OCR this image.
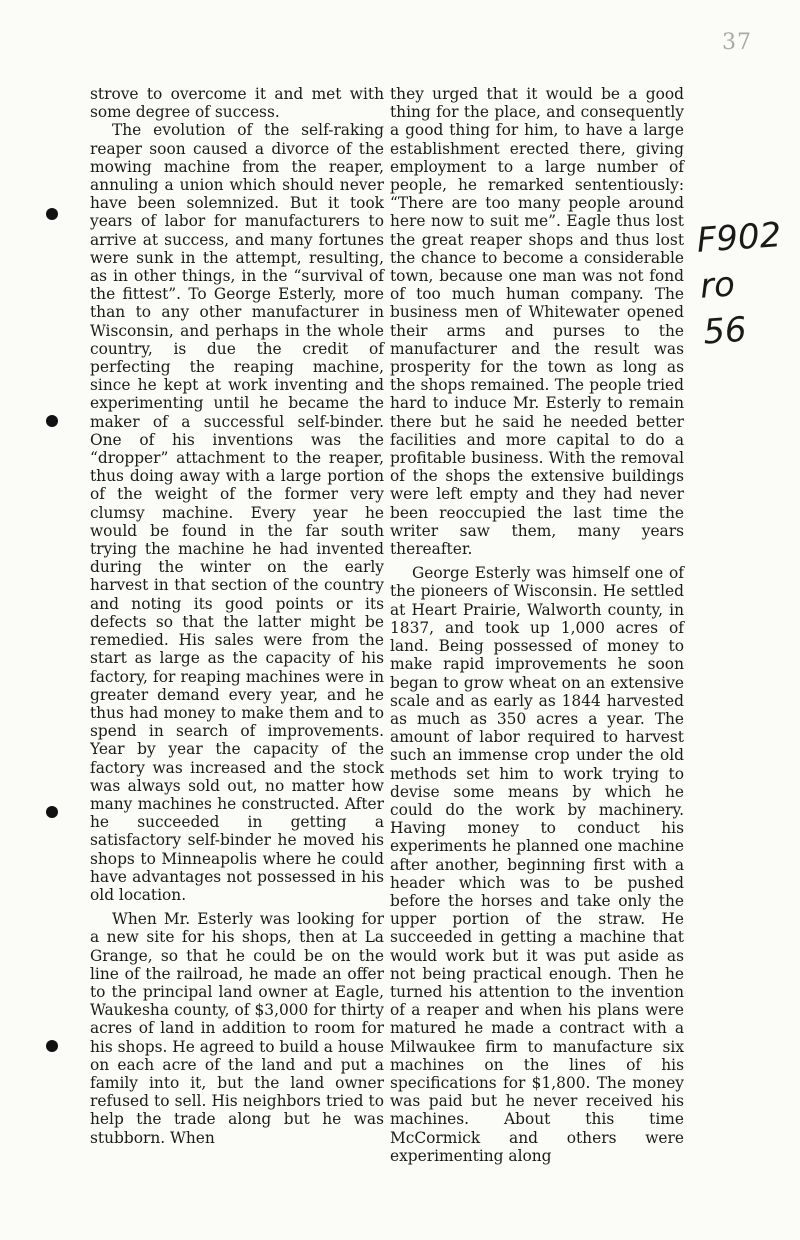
37

strove to overcome it and met with some degree of success.

The evolution of the self-raking reaper soon caused a divorce of the mowing machine from the reaper, annuling a union which should never have been solemnized. But it took years of labor for manufacturers to arrive at success, and many fortunes were sunk in the attempt, resulting, as in other things, in the “survival of the fittest”. To George Esterly, more than to any other manufacturer in Wisconsin, and perhaps in the whole country, is due the credit of perfecting the reaping machine, since he kept at work inventing and experimenting until he became the maker of a successful self-binder. One of his inventions was the “dropper” attachment to the reaper, thus doing away with a large portion of the weight of the former very clumsy machine. Every year he would be found in the far south trying the machine he had invented during the winter on the early harvest in that section of the country and noting its good points or its defects so that the latter might be remedied. His sales were from the start as large as the capacity of his factory, for reaping machines were in greater demand every year, and he thus had money to make them and to spend in search of improvements. Year by year the capacity of the factory was increased and the stock was always sold out, no matter how many machines he constructed. After he succeeded in getting a satisfactory self-binder he moved his shops to Minneapolis where he could have advantages not possessed in his old location.

When Mr. Esterly was looking for a new site for his shops, then at La Grange, so that he could be on the line of the railroad, he made an offer to the principal land owner at Eagle, Waukesha county, of $3,000 for thirty acres of land in addition to room for his shops. He agreed to build a house on each acre of the land and put a family into it, but the land owner refused to sell. His neighbors tried to help the trade along but he was stubborn. When

they urged that it would be a good thing for the place, and consequently a good thing for him, to have a large establishment erected there, giving employment to a large number of people, he remarked sententiously: “There are too many people around here now to suit me”. Eagle thus lost the great reaper shops and thus lost the chance to become a considerable town, because one man was not fond of too much human company. The business men of Whitewater opened their arms and purses to the manufacturer and the result was prosperity for the town as long as the shops remained. The people tried hard to induce Mr. Esterly to remain there but he said he needed better facilities and more capital to do a profitable business. With the removal of the shops the extensive buildings were left empty and they had never been reoccupied the last time the writer saw them, many years thereafter.

George Esterly was himself one of the pioneers of Wisconsin. He settled at Heart Prairie, Walworth county, in 1837, and took up 1,000 acres of land. Being possessed of money to make rapid improvements he soon began to grow wheat on an extensive scale and as early as 1844 harvested as much as 350 acres a year. The amount of labor required to harvest such an immense crop under the old methods set him to work trying to devise some means by which he could do the work by machinery. Having money to conduct his experiments he planned one machine after another, beginning first with a header which was to be pushed before the horses and take only the upper portion of the straw. He succeeded in getting a machine that would work but it was put aside as not being practical enough. Then he turned his attention to the invention of a reaper and when his plans were matured he made a contract with a Milwaukee firm to manufacture six machines on the lines of his specifications for $1,800. The money was paid but he never received his machines. About this time McCormick and others were experimenting along

F902
ro
56
